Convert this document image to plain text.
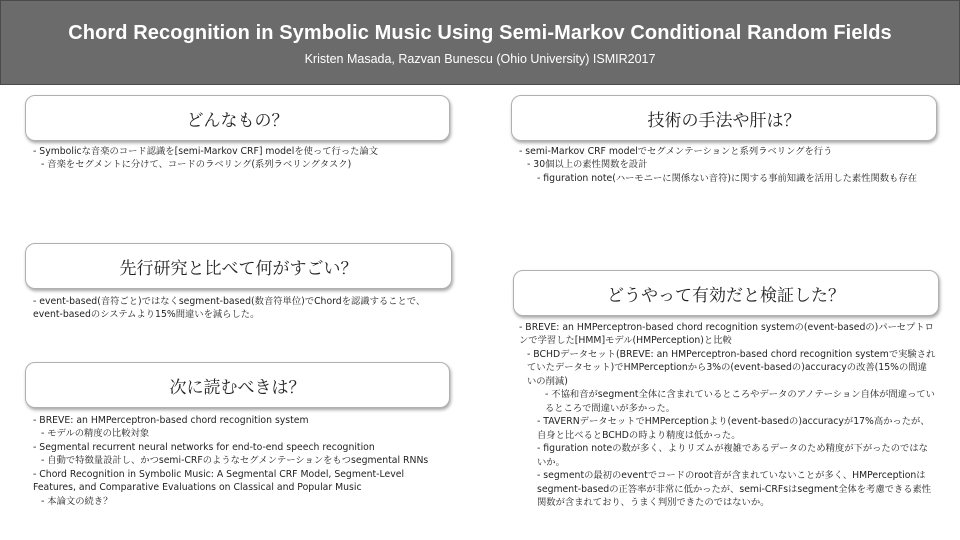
Chord Recognition in Symbolic Music Using Semi-Markov Conditional Random Fields
Kristen Masada, Razvan Bunescu (Ohio University) ISMIR2017
どんなもの？

- Symbolicな音楽のコード認識を[semi-Markov CRF] modelを使って行った論文

- 音楽をセグメントに分けて、コードのラベリング(系列ラベリングタスク)

技術の手法や肝は？

- semi-Markov CRF modelでセグメンテーションと系列ラベリングを行う

- 30個以上の素性関数を設計

- figuration note(ハーモニーに関係ない音符)に関する事前知識を活用した素性関数も存在

先行研究と比べて何がすごい？

- event-based(音符ごと)ではなくsegment-based(数音符単位)でChordを認識することで、event-basedのシステムより15%間違いを減らした。

どうやって有効だと検証した？

- BREVE: an HMPerceptron-based chord recognition systemの(event-basedの)パーセプトロンで学習した[HMM]モデル(HMPerception)と比較

- BCHDデータセット(BREVE: an HMPerceptron-based chord recognition systemで実験されていたデータセット)でHMPerceptionから3%の(event-basedの)accuracyの改善(15%の間違いの削減)

- 不協和音がsegment全体に含まれているところやデータのアノテーション自体が間違っているところで間違いが多かった。

- TAVERNデータセットでHMPerceptionより(event-basedの)accuracyが17%高かったが、自身と比べるとBCHDの時より精度は低かった。

- figuration noteの数が多く、よりリズムが複雑であるデータのため精度が下がったのではないか。

- segmentの最初のeventでコードのroot音が含まれていないことが多く、HMPerceptionはsegment-basedの正答率が非常に低かったが、semi-CRFsはsegment全体を考慮できる素性関数が含まれており、うまく判別できたのではないか。

次に読むべきは？

- BREVE: an HMPerceptron-based chord recognition system

- モデルの精度の比較対象

- Segmental recurrent neural networks for end-to-end speech recognition

- 自動で特徴量設計し、かつsemi-CRFのようなセグメンテーションをもつsegmental RNNs

- Chord Recognition in Symbolic Music: A Segmental CRF Model, Segment-Level Features, and Comparative Evaluations on Classical and Popular Music

- 本論文の続き？
